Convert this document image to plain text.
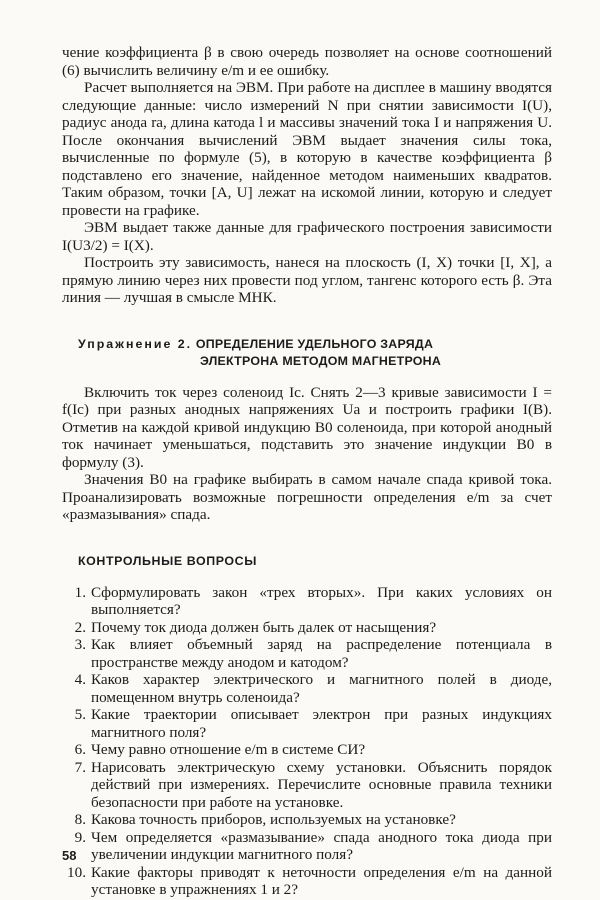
чение коэффициента β в свою очередь позволяет на основе соотношений (6) вычислить величину e/m и ее ошибку.

Расчет выполняется на ЭВМ. При работе на дисплее в машину вводятся следующие данные: число измерений N при снятии зависимости I(U), радиус анода rа, длина катода l и массивы значений тока I и напряжения U. После окончания вычислений ЭВМ выдает значения силы тока, вычисленные по формуле (5), в которую в качестве коэффициента β подставлено его значение, найденное методом наименьших квадратов. Таким образом, точки [A, U] лежат на искомой линии, которую и следует провести на графике.

ЭВМ выдает также данные для графического построения зависимости I(U3/2) = I(X).

Построить эту зависимость, нанеся на плоскость (I, X) точки [I, X], а прямую линию через них провести под углом, тангенс которого есть β. Эта линия — лучшая в смысле МНК.

Упражнение 2. ОПРЕДЕЛЕНИЕ УДЕЛЬНОГО ЗАРЯДА
ЭЛЕКТРОНА МЕТОДОМ МАГНЕТРОНА

Включить ток через соленоид Iс. Снять 2—3 кривые зависимости I = f(Iс) при разных анодных напряжениях Uа и построить графики I(B). Отметив на каждой кривой индукцию B0 соленоида, при которой анодный ток начинает уменьшаться, подставить это значение индукции B0 в формулу (3).

Значения B0 на графике выбирать в самом начале спада кривой тока. Проанализировать возможные погрешности определения e/m за счет «размазывания» спада.

КОНТРОЛЬНЫЕ ВОПРОСЫ
1. Сформулировать закон «трех вторых». При каких условиях он выполняется?
2. Почему ток диода должен быть далек от насыщения?
3. Как влияет объемный заряд на распределение потенциала в пространстве между анодом и катодом?
4. Каков характер электрического и магнитного полей в диоде, помещенном внутрь соленоида?
5. Какие траектории описывает электрон при разных индукциях магнитного поля?
6. Чему равно отношение e/m в системе СИ?
7. Нарисовать электрическую схему установки. Объяснить порядок действий при измерениях. Перечислите основные правила техники безопасности при работе на установке.
8. Какова точность приборов, используемых на установке?
9. Чем определяется «размазывание» спада анодного тока диода при увеличении индукции магнитного поля?
10. Какие факторы приводят к неточности определения e/m на данной установке в упражнениях 1 и 2?
58
